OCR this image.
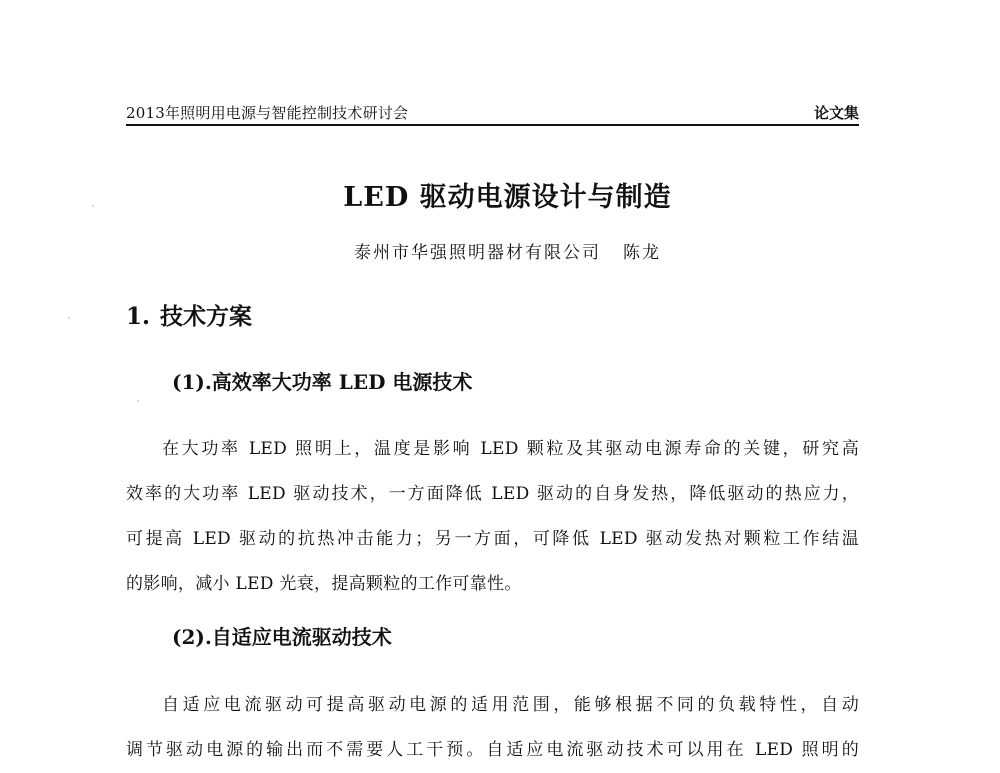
2013年照明用电源与智能控制技术研讨会	论文集
LED 驱动电源设计与制造
泰州市华强照明器材有限公司 陈龙
1. 技术方案
(1).高效率大功率 LED 电源技术
在大功率 LED 照明上，温度是影响 LED 颗粒及其驱动电源寿命的关键，研究高
效率的大功率 LED 驱动技术，一方面降低 LED 驱动的自身发热，降低驱动的热应力，
可提高 LED 驱动的抗热冲击能力；另一方面，可降低 LED 驱动发热对颗粒工作结温
的影响，减小 LED 光衰，提高颗粒的工作可靠性。
(2).自适应电流驱动技术
自适应电流驱动可提高驱动电源的适用范围，能够根据不同的负载特性，自动
调节驱动电源的输出而不需要人工干预。自适应电流驱动技术可以用在 LED 照明的
